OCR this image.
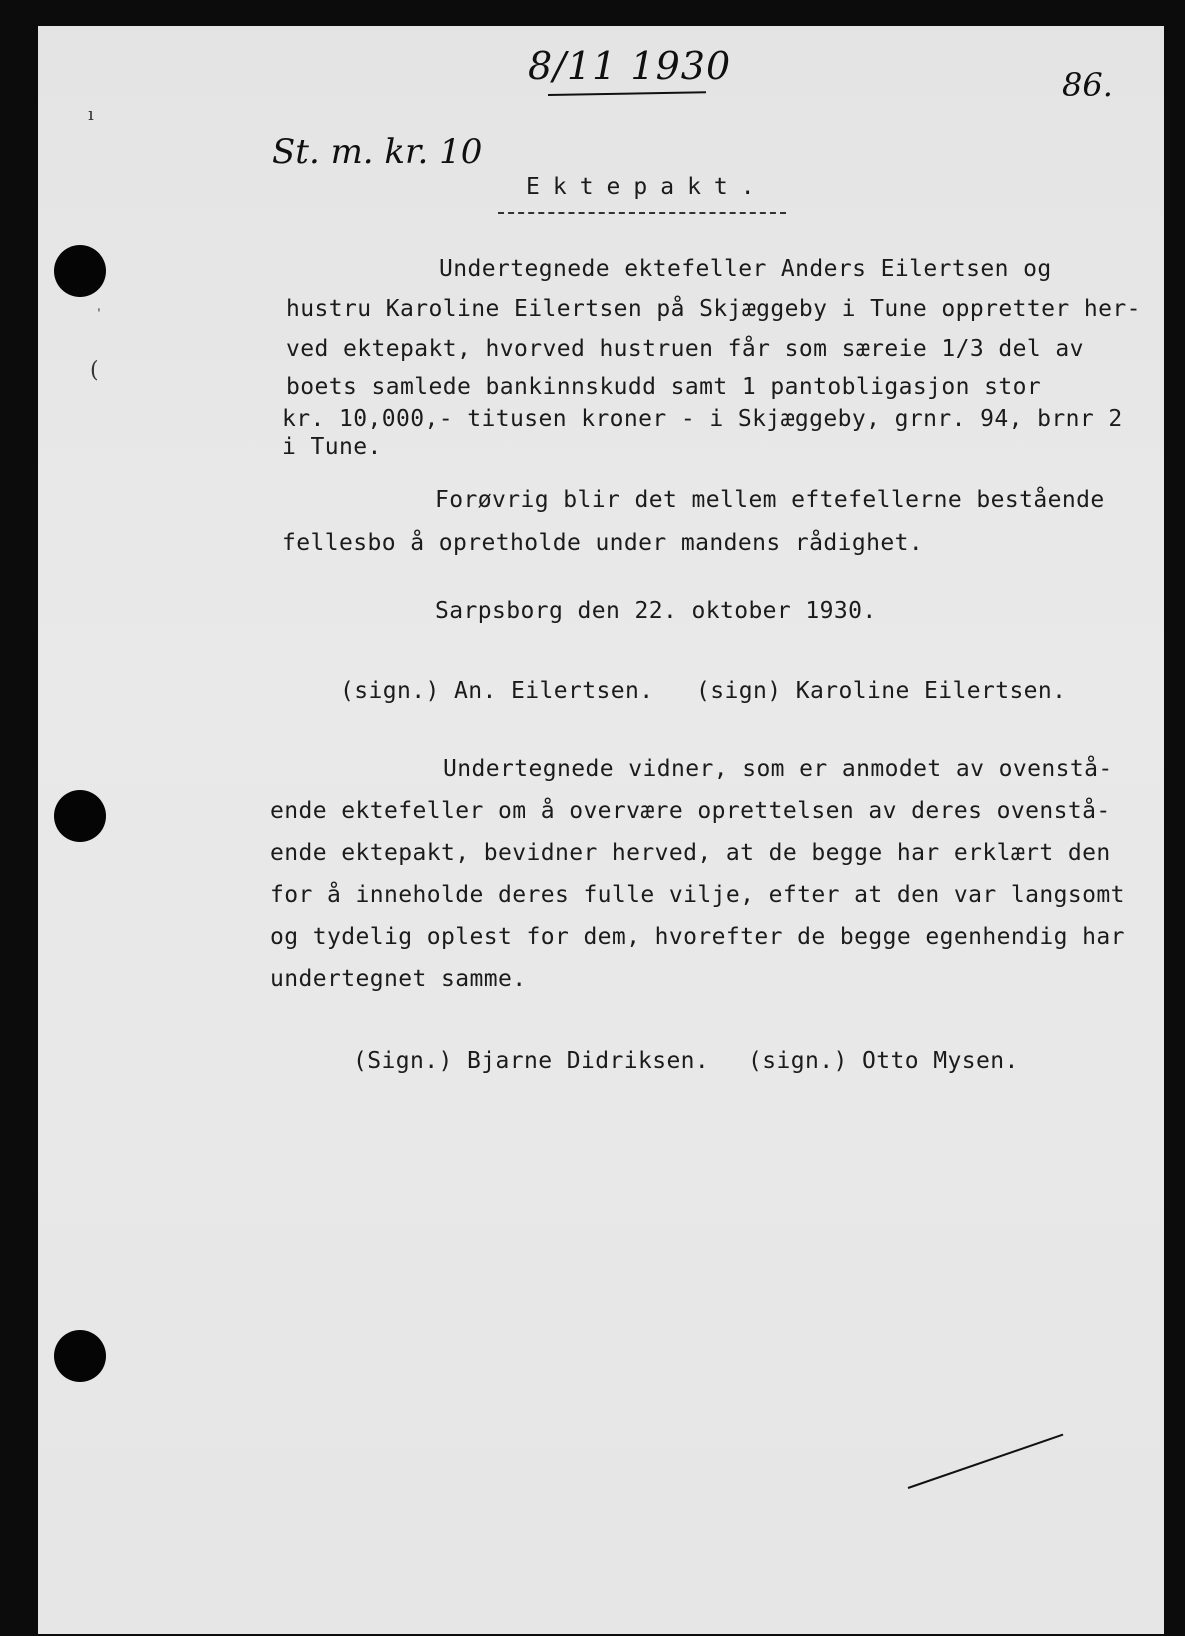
ı
ˌ
(
8/11 1930	86.
St. m. kr. 10
Ektepakt.
Undertegnede ektefeller Anders Eilertsen og
hustru Karoline Eilertsen på Skjæggeby i Tune oppretter her-
ved ektepakt, hvorved hustruen får som særeie 1/3 del av
boets samlede bankinnskudd samt 1 pantobligasjon stor
kr. 10,000,- titusen kroner - i Skjæggeby, grnr. 94, brnr 2
i Tune.
Forøvrig blir det mellem eftefellerne bestående
fellesbo å opretholde under mandens rådighet.
Sarpsborg den 22. oktober 1930.
(sign.) An. Eilertsen. (sign) Karoline Eilertsen.
Undertegnede vidner, som er anmodet av ovenstå-
ende ektefeller om å overvære oprettelsen av deres ovenstå-
ende ektepakt, bevidner herved, at de begge har erklært den
for å inneholde deres fulle vilje, efter at den var langsomt
og tydelig oplest for dem, hvorefter de begge egenhendig har
undertegnet samme.
(Sign.) Bjarne Didriksen. (sign.) Otto Mysen.
